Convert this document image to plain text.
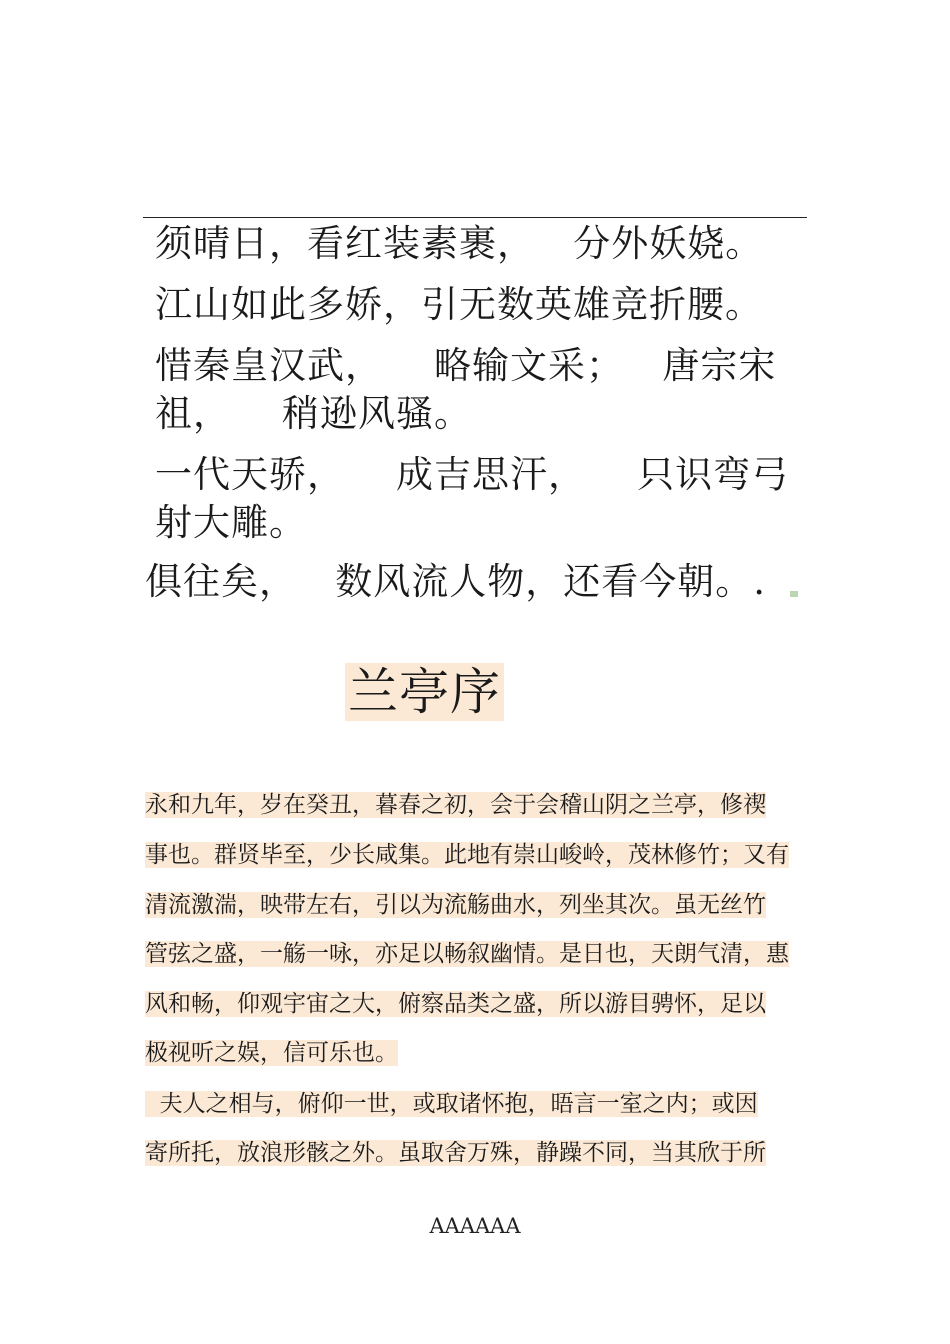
须晴日，看红装素裹，   分外妖娆。

江山如此多娇，引无数英雄竞折腰。

惜秦皇汉武，    略输文采；   唐宗宋

祖，    稍逊风骚。

一代天骄，    成吉思汗，    只识弯弓

射大雕。

俱往矣，   数风流人物，还看今朝。.

兰亭序

永和九年，岁在癸丑，暮春之初，会于会稽山阴之兰亭，修禊

事也。群贤毕至，少长咸集。此地有崇山峻岭，茂林修竹；又有

清流激湍，映带左右，引以为流觞曲水，列坐其次。虽无丝竹

管弦之盛，一觞一咏，亦足以畅叙幽情。是日也，天朗气清，惠

风和畅，仰观宇宙之大，俯察品类之盛，所以游目骋怀，足以

极视听之娱，信可乐也。

夫人之相与，俯仰一世，或取诸怀抱，晤言一室之内；或因

寄所托，放浪形骸之外。虽取舍万殊，静躁不同，当其欣于所

AAAAAA
